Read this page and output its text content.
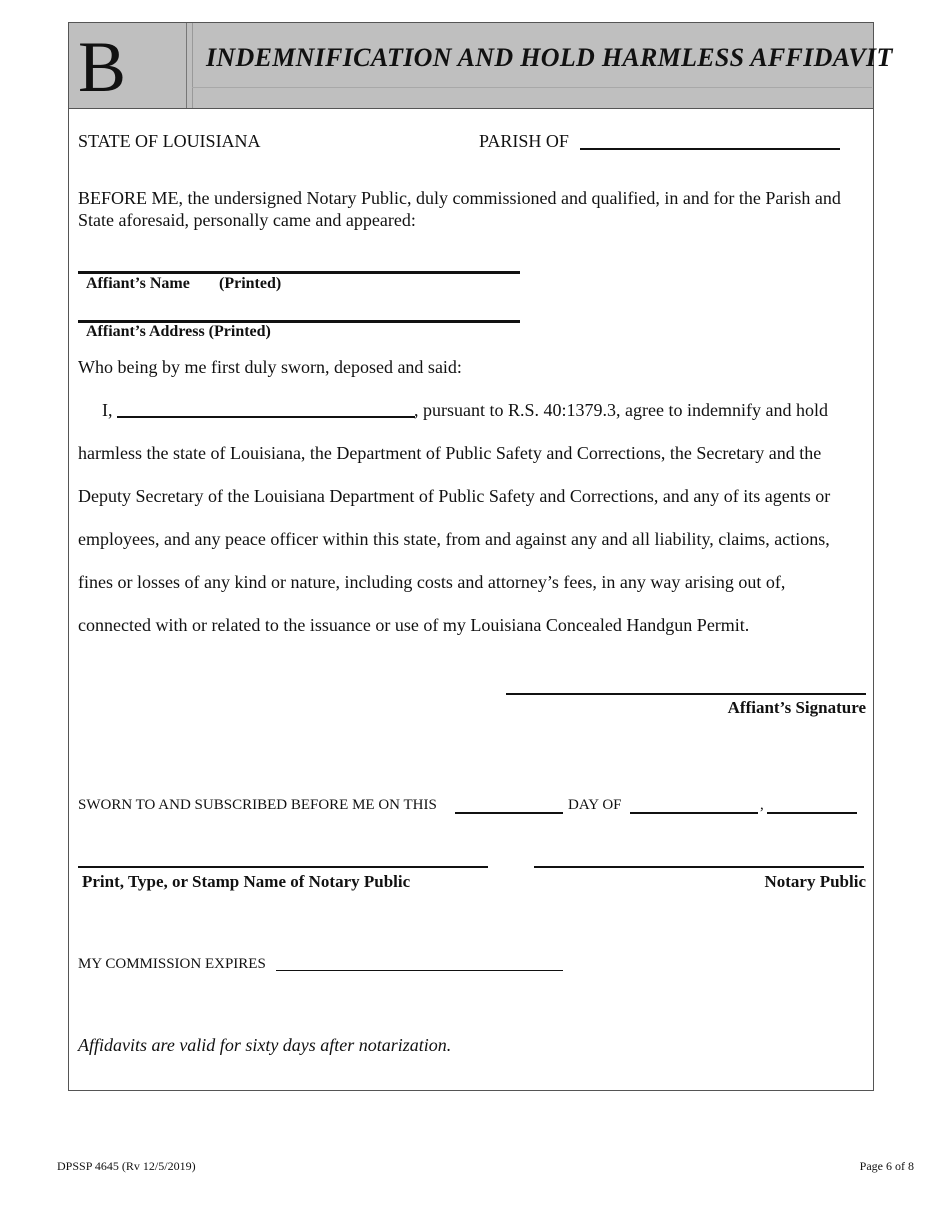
B	INDEMNIFICATION AND HOLD HARMLESS AFFIDAVIT
STATE OF LOUISIANA	PARISH OF
BEFORE ME, the undersigned Notary Public, duly commissioned and qualified, in and for the Parish and
State aforesaid, personally came and appeared:
Affiant’s Name (Printed)
Affiant’s Address (Printed)
Who being by me first duly sworn, deposed and said:
I,	, pursuant to R.S. 40:1379.3, agree to indemnify and hold
harmless the state of Louisiana, the Department of Public Safety and Corrections, the Secretary and the
Deputy Secretary of the Louisiana Department of Public Safety and Corrections, and any of its agents or
employees, and any peace officer within this state, from and against any and all liability, claims, actions,
fines or losses of any kind or nature, including costs and attorney’s fees, in any way arising out of,
connected with or related to the issuance or use of my Louisiana Concealed Handgun Permit.
Affiant’s Signature
SWORN TO AND SUBSCRIBED BEFORE ME ON THIS	DAY OF	,
Print, Type, or Stamp Name of Notary Public	Notary Public
MY COMMISSION EXPIRES
Affidavits are valid for sixty days after notarization.
DPSSP 4645 (Rv 12/5/2019)	Page 6 of 8
